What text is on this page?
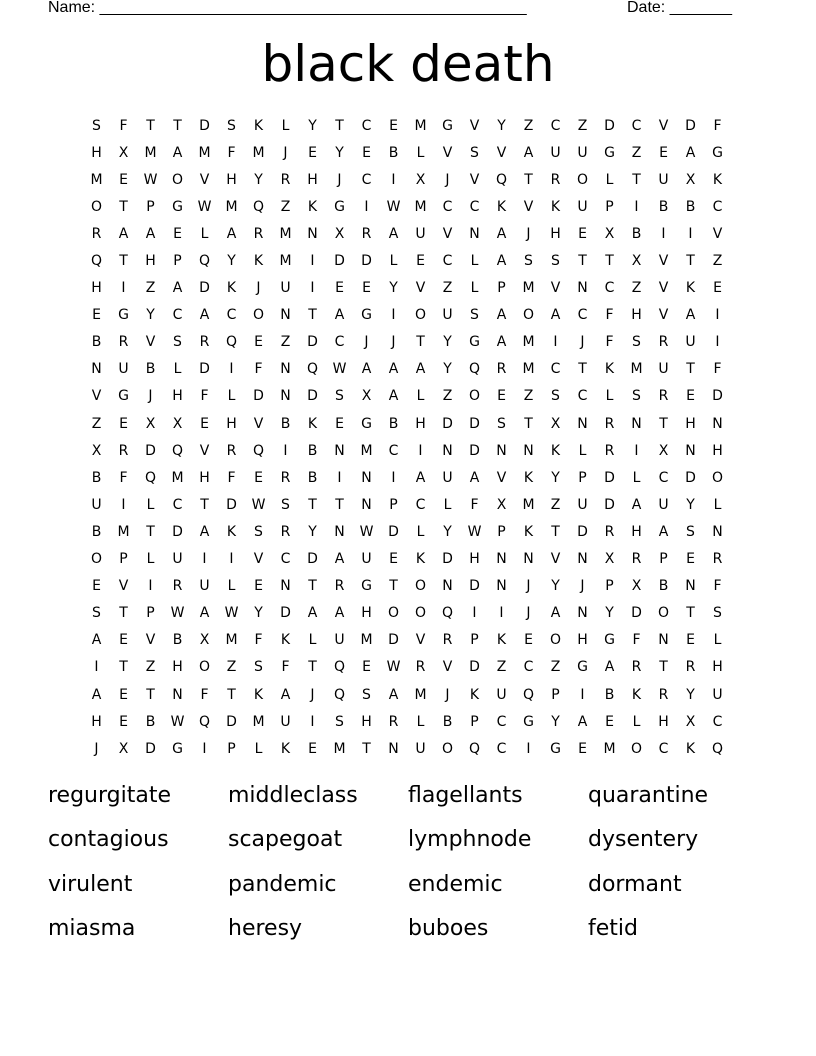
Name: ________________________________________________	Date: _______
black death
S	F	T	T	D	S	K	L	Y	T	C	E	M	G	V	Y	Z	C	Z	D	C	V	D	F
H	X	M	A	M	F	M	J	E	Y	E	B	L	V	S	V	A	U	U	G	Z	E	A	G
M	E	W	O	V	H	Y	R	H	J	C	I	X	J	V	Q	T	R	O	L	T	U	X	K
O	T	P	G	W	M	Q	Z	K	G	I	W	M	C	C	K	V	K	U	P	I	B	B	C
R	A	A	E	L	A	R	M	N	X	R	A	U	V	N	A	J	H	E	X	B	I	I	V
Q	T	H	P	Q	Y	K	M	I	D	D	L	E	C	L	A	S	S	T	T	X	V	T	Z
H	I	Z	A	D	K	J	U	I	E	E	Y	V	Z	L	P	M	V	N	C	Z	V	K	E
E	G	Y	C	A	C	O	N	T	A	G	I	O	U	S	A	O	A	C	F	H	V	A	I
B	R	V	S	R	Q	E	Z	D	C	J	J	T	Y	G	A	M	I	J	F	S	R	U	I
N	U	B	L	D	I	F	N	Q	W	A	A	A	Y	Q	R	M	C	T	K	M	U	T	F
V	G	J	H	F	L	D	N	D	S	X	A	L	Z	O	E	Z	S	C	L	S	R	E	D
Z	E	X	X	E	H	V	B	K	E	G	B	H	D	D	S	T	X	N	R	N	T	H	N
X	R	D	Q	V	R	Q	I	B	N	M	C	I	N	D	N	N	K	L	R	I	X	N	H
B	F	Q	M	H	F	E	R	B	I	N	I	A	U	A	V	K	Y	P	D	L	C	D	O
U	I	L	C	T	D	W	S	T	T	N	P	C	L	F	X	M	Z	U	D	A	U	Y	L
B	M	T	D	A	K	S	R	Y	N	W	D	L	Y	W	P	K	T	D	R	H	A	S	N
O	P	L	U	I	I	V	C	D	A	U	E	K	D	H	N	N	V	N	X	R	P	E	R
E	V	I	R	U	L	E	N	T	R	G	T	O	N	D	N	J	Y	J	P	X	B	N	F
S	T	P	W	A	W	Y	D	A	A	H	O	O	Q	I	I	J	A	N	Y	D	O	T	S
A	E	V	B	X	M	F	K	L	U	M	D	V	R	P	K	E	O	H	G	F	N	E	L
I	T	Z	H	O	Z	S	F	T	Q	E	W	R	V	D	Z	C	Z	G	A	R	T	R	H
A	E	T	N	F	T	K	A	J	Q	S	A	M	J	K	U	Q	P	I	B	K	R	Y	U
H	E	B	W	Q	D	M	U	I	S	H	R	L	B	P	C	G	Y	A	E	L	H	X	C
J	X	D	G	I	P	L	K	E	M	T	N	U	O	Q	C	I	G	E	M	O	C	K	Q
regurgitate	middleclass	flagellants	quarantine
contagious	scapegoat	lymphnode	dysentery
virulent	pandemic	endemic	dormant
miasma	heresy	buboes	fetid
